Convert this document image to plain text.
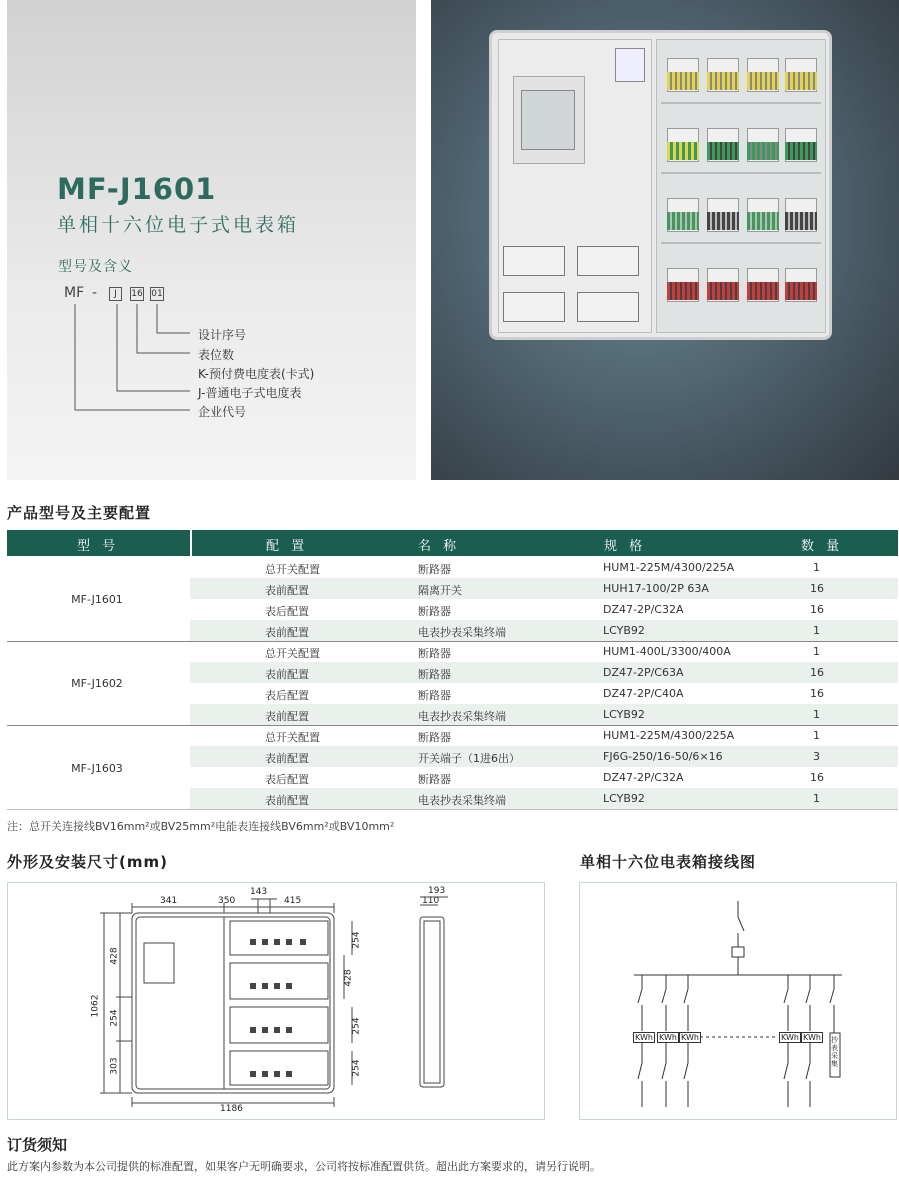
MF-J1601
单相十六位电子式电表箱
型号及含义
MF -	J	16 01
设计序号
表位数
K-预付费电度表(卡式)
J-普通电子式电度表
企业代号
产品型号及主要配置
型 号	配 置	名 称	规 格	数 量
MF-J1601
总开关配置	断路器	HUM1-225M/4300/225A	1
表前配置	隔离开关	HUH17-100/2P 63A	16
表后配置	断路器	DZ47-2P/C32A	16
表前配置	电表抄表采集终端	LCYB92	1
MF-J1602
总开关配置	断路器	HUM1-400L/3300/400A	1
表前配置	断路器	DZ47-2P/C63A	16
表后配置	断路器	DZ47-2P/C40A	16
表前配置	电表抄表采集终端	LCYB92	1
MF-J1603
总开关配置	断路器	HUM1-225M/4300/225A	1
表前配置	开关端子（1进6出）	FJ6G-250/16-50/6×16	3
表后配置	断路器	DZ47-2P/C32A	16
表前配置	电表抄表采集终端	LCYB92	1
注：总开关连接线BV16mm²或BV25mm²电能表连接线BV6mm²或BV10mm²
外形及安装尺寸(mm)
341	350
143
415
428
254
303
1062
254
428
254
254
1186
193
110
单相十六位电表箱接线图
KWh KWh KWh	KWh KWh 抄表采集
订货须知
此方案内参数为本公司提供的标准配置，如果客户无明确要求，公司将按标准配置供货。超出此方案要求的，请另行说明。
